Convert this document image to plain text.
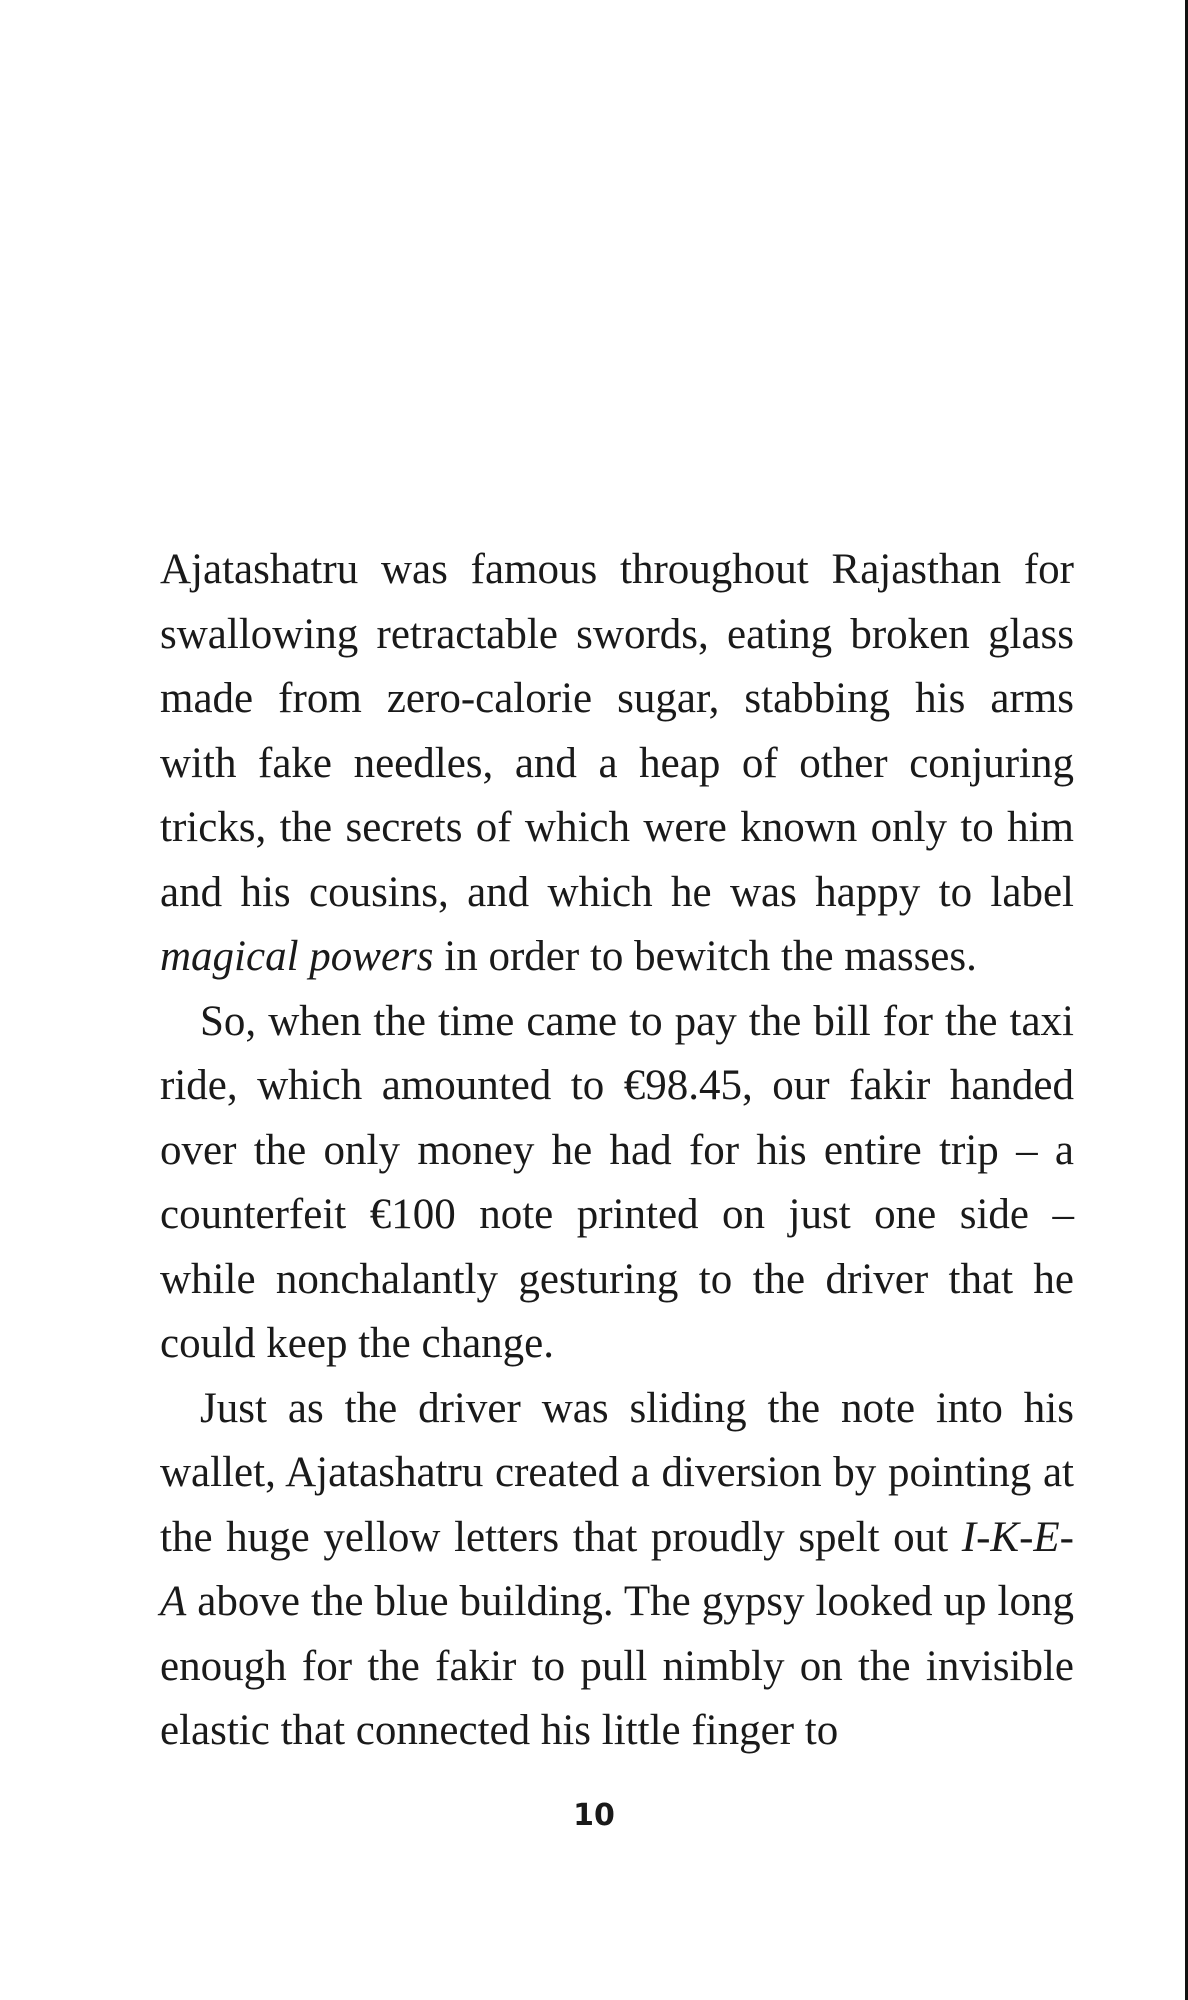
Ajatashatru was famous throughout Rajasthan for swallowing retractable swords, eating broken glass made from zero-calorie sugar, stabbing his arms with fake needles, and a heap of other conjuring tricks, the secrets of which were known only to him and his cousins, and which he was happy to label magical powers in order to bewitch the masses.

So, when the time came to pay the bill for the taxi ride, which amounted to €98.45, our fakir handed over the only money he had for his entire trip – a counterfeit €100 note printed on just one side – while nonchalantly gesturing to the driver that he could keep the change.

Just as the driver was sliding the note into his wallet, Ajatashatru created a diversion by pointing at the huge yellow letters that proudly spelt out I-K-E-A above the blue building. The gypsy looked up long enough for the fakir to pull nimbly on the invisible elastic that connected his little finger to

10
